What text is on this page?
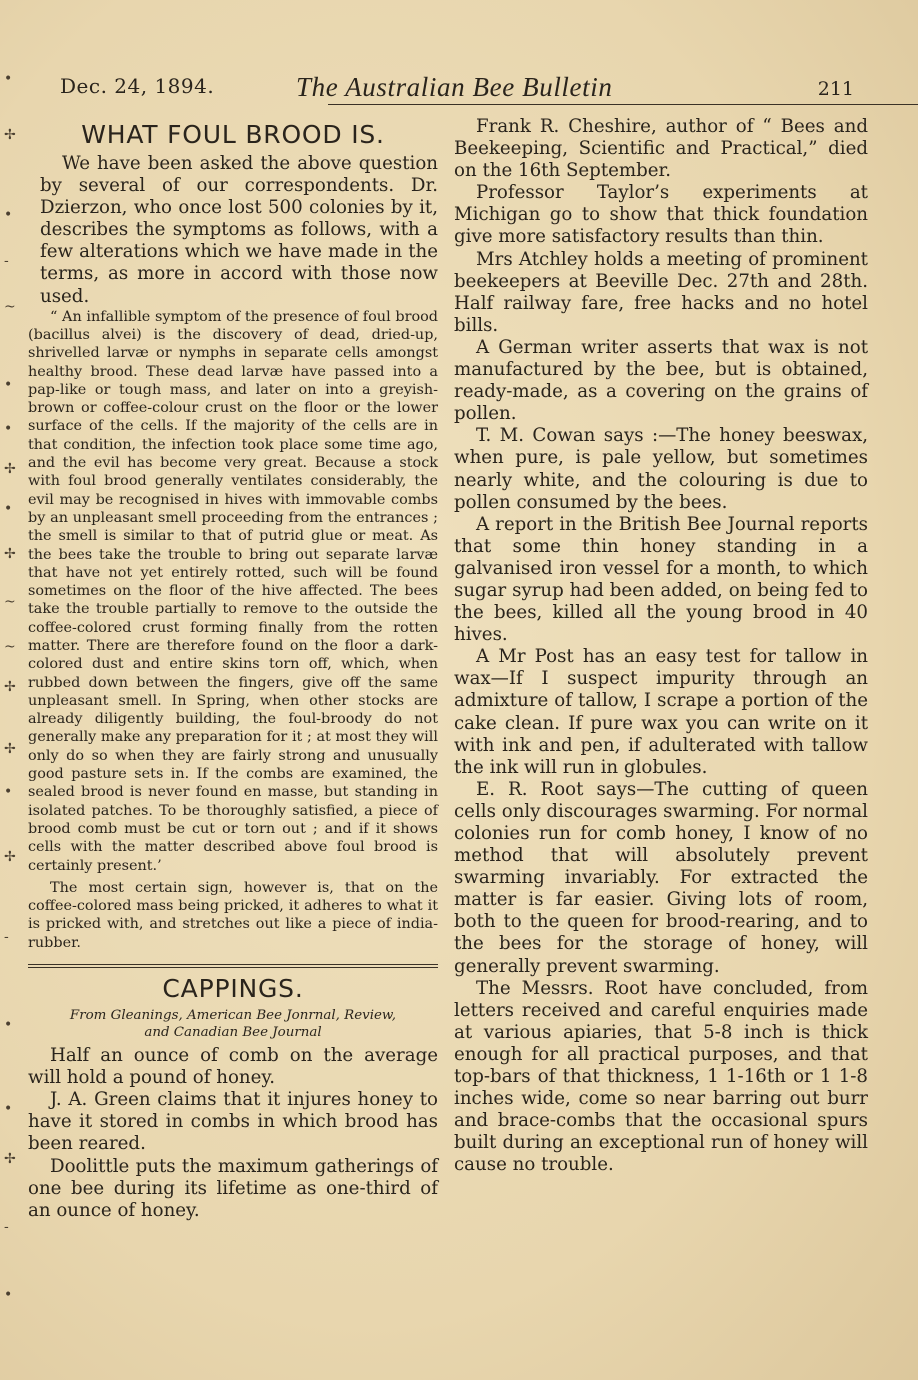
•
✢
•
-
~
•
•
✢
•
✢
~
~
✢
✢
•
✢
-
•
•
✢
-
•
Dec. 24, 1894.	The Australian Bee Bulletin	211
WHAT FOUL BROOD IS.

We have been asked the above question by several of our correspondents. Dr. Dzierzon, who once lost 500 colonies by it, describes the symptoms as follows, with a few alterations which we have made in the terms, as more in accord with those now used.

“ An infallible symptom of the presence of foul brood (bacillus alvei) is the discovery of dead, dried-up, shrivelled larvæ or nymphs in separate cells amongst healthy brood. These dead larvæ have passed into a pap-like or tough mass, and later on into a greyish-brown or coffee-colour crust on the floor or the lower surface of the cells. If the majority of the cells are in that condition, the infection took place some time ago, and the evil has become very great. Because a stock with foul brood generally ventilates considerably, the evil may be recognised in hives with immovable combs by an unpleasant smell proceeding from the entrances ; the smell is similar to that of putrid glue or meat. As the bees take the trouble to bring out separate larvæ that have not yet entirely rotted, such will be found sometimes on the floor of the hive affected. The bees take the trouble partially to remove to the outside the coffee-colored crust forming finally from the rotten matter. There are therefore found on the floor a dark-colored dust and entire skins torn off, which, when rubbed down between the fingers, give off the same unpleasant smell. In Spring, when other stocks are already diligently building, the foul-broody do not generally make any preparation for it ; at most they will only do so when they are fairly strong and unusually good pasture sets in. If the combs are examined, the sealed brood is never found en masse, but standing in isolated patches. To be thoroughly satisfied, a piece of brood comb must be cut or torn out ; and if it shows cells with the matter described above foul brood is certainly present.’

The most certain sign, however is, that on the coffee-colored mass being pricked, it adheres to what it is pricked with, and stretches out like a piece of india-rubber.

CAPPINGS.
From Gleanings, American Bee Jonrnal, Review,
and Canadian Bee Journal

Half an ounce of comb on the average will hold a pound of honey.

J. A. Green claims that it injures honey to have it stored in combs in which brood has been reared.

Doolittle puts the maximum gatherings of one bee during its lifetime as one-third of an ounce of honey.

Frank R. Cheshire, author of “ Bees and Beekeeping, Scientific and Practical,” died on the 16th September.

Professor Taylor’s experiments at Michigan go to show that thick foundation give more satisfactory results than thin.

Mrs Atchley holds a meeting of prominent beekeepers at Beeville Dec. 27th and 28th. Half railway fare, free hacks and no hotel bills.

A German writer asserts that wax is not manufactured by the bee, but is obtained, ready-made, as a covering on the grains of pollen.

T. M. Cowan says :—The honey beeswax, when pure, is pale yellow, but sometimes nearly white, and the colouring is due to pollen consumed by the bees.

A report in the British Bee Journal reports that some thin honey standing in a galvanised iron vessel for a month, to which sugar syrup had been added, on being fed to the bees, killed all the young brood in 40 hives.

A Mr Post has an easy test for tallow in wax—If I suspect impurity through an admixture of tallow, I scrape a portion of the cake clean. If pure wax you can write on it with ink and pen, if adulterated with tallow the ink will run in globules.

E. R. Root says—The cutting of queen cells only discourages swarming. For normal colonies run for comb honey, I know of no method that will absolutely prevent swarming invariably. For extracted the matter is far easier. Giving lots of room, both to the queen for brood-rearing, and to the bees for the storage of honey, will generally prevent swarming.

The Messrs. Root have concluded, from letters received and careful enquiries made at various apiaries, that 5-8 inch is thick enough for all practical purposes, and that top-bars of that thickness, 1 1-16th or 1 1-8 inches wide, come so near barring out burr and brace-combs that the occasional spurs built during an exceptional run of honey will cause no trouble.
